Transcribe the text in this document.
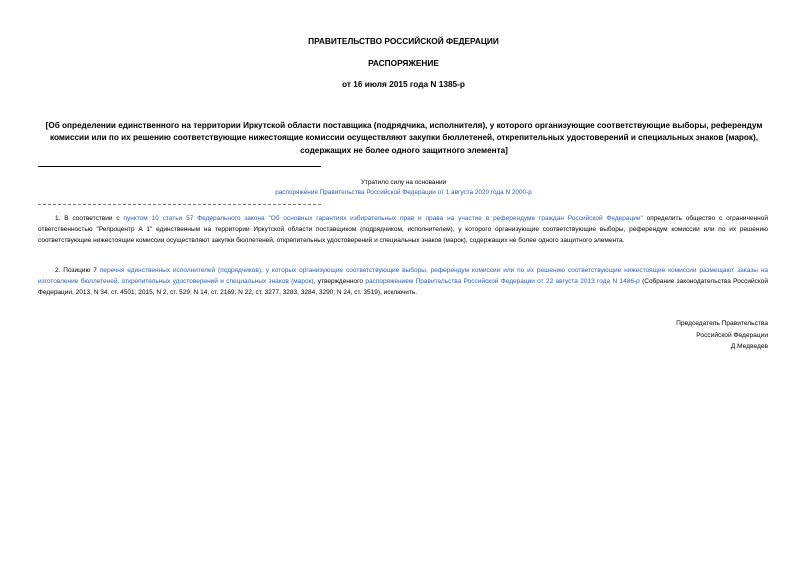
ПРАВИТЕЛЬСТВО РОССИЙСКОЙ ФЕДЕРАЦИИ
РАСПОРЯЖЕНИЕ
от 16 июля 2015 года N 1385-р
[Об определении единственного на территории Иркутской области поставщика (подрядчика, исполнителя), у которого организующие соответствующие выборы, референдум комиссии или по их решению соответствующие нижестоящие комиссии осуществляют закупки бюллетеней, открепительных удостоверений и специальных знаков (марок), содержащих не более одного защитного элемента]
Утратило силу на основании
распоряжения Правительства Российской Федерации от 1 августа 2020 года N 2000-р
1. В соответствии с пунктом 10 статьи 57 Федерального закона "Об основных гарантиях избирательных прав и права на участие в референдуме граждан Российской Федерации" определить общество с ограниченной ответственностью "Репроцентр А 1" единственным на территории Иркутской области поставщиком (подрядчиком, исполнителем), у которого организующие соответствующие выборы, референдум комиссии или по их решению соответствующие нижестоящие комиссии осуществляют закупки бюллетеней, открепительных удостоверений и специальных знаков (марок), содержащих не более одного защитного элемента.
2. Позицию 7 перечня единственных исполнителей (подрядчиков), у которых организующие соответствующие выборы, референдум комиссии или по их решению соответствующие нижестоящие комиссии размещают заказы на изготовление бюллетеней, открепительных удостоверений и специальных знаков (марок), утвержденного распоряжением Правительства Российской Федерации от 22 августа 2013 года N 1486-р (Собрание законодательства Российской Федерации, 2013, N 34, ст. 4501; 2015, N 2, ст. 529; N 14, ст. 2169; N 22, ст. 3277, 3283, 3284, 3290; N 24, ст. 3519), исключить.
Председатель Правительства
Российской Федерации
Д.Медведев
